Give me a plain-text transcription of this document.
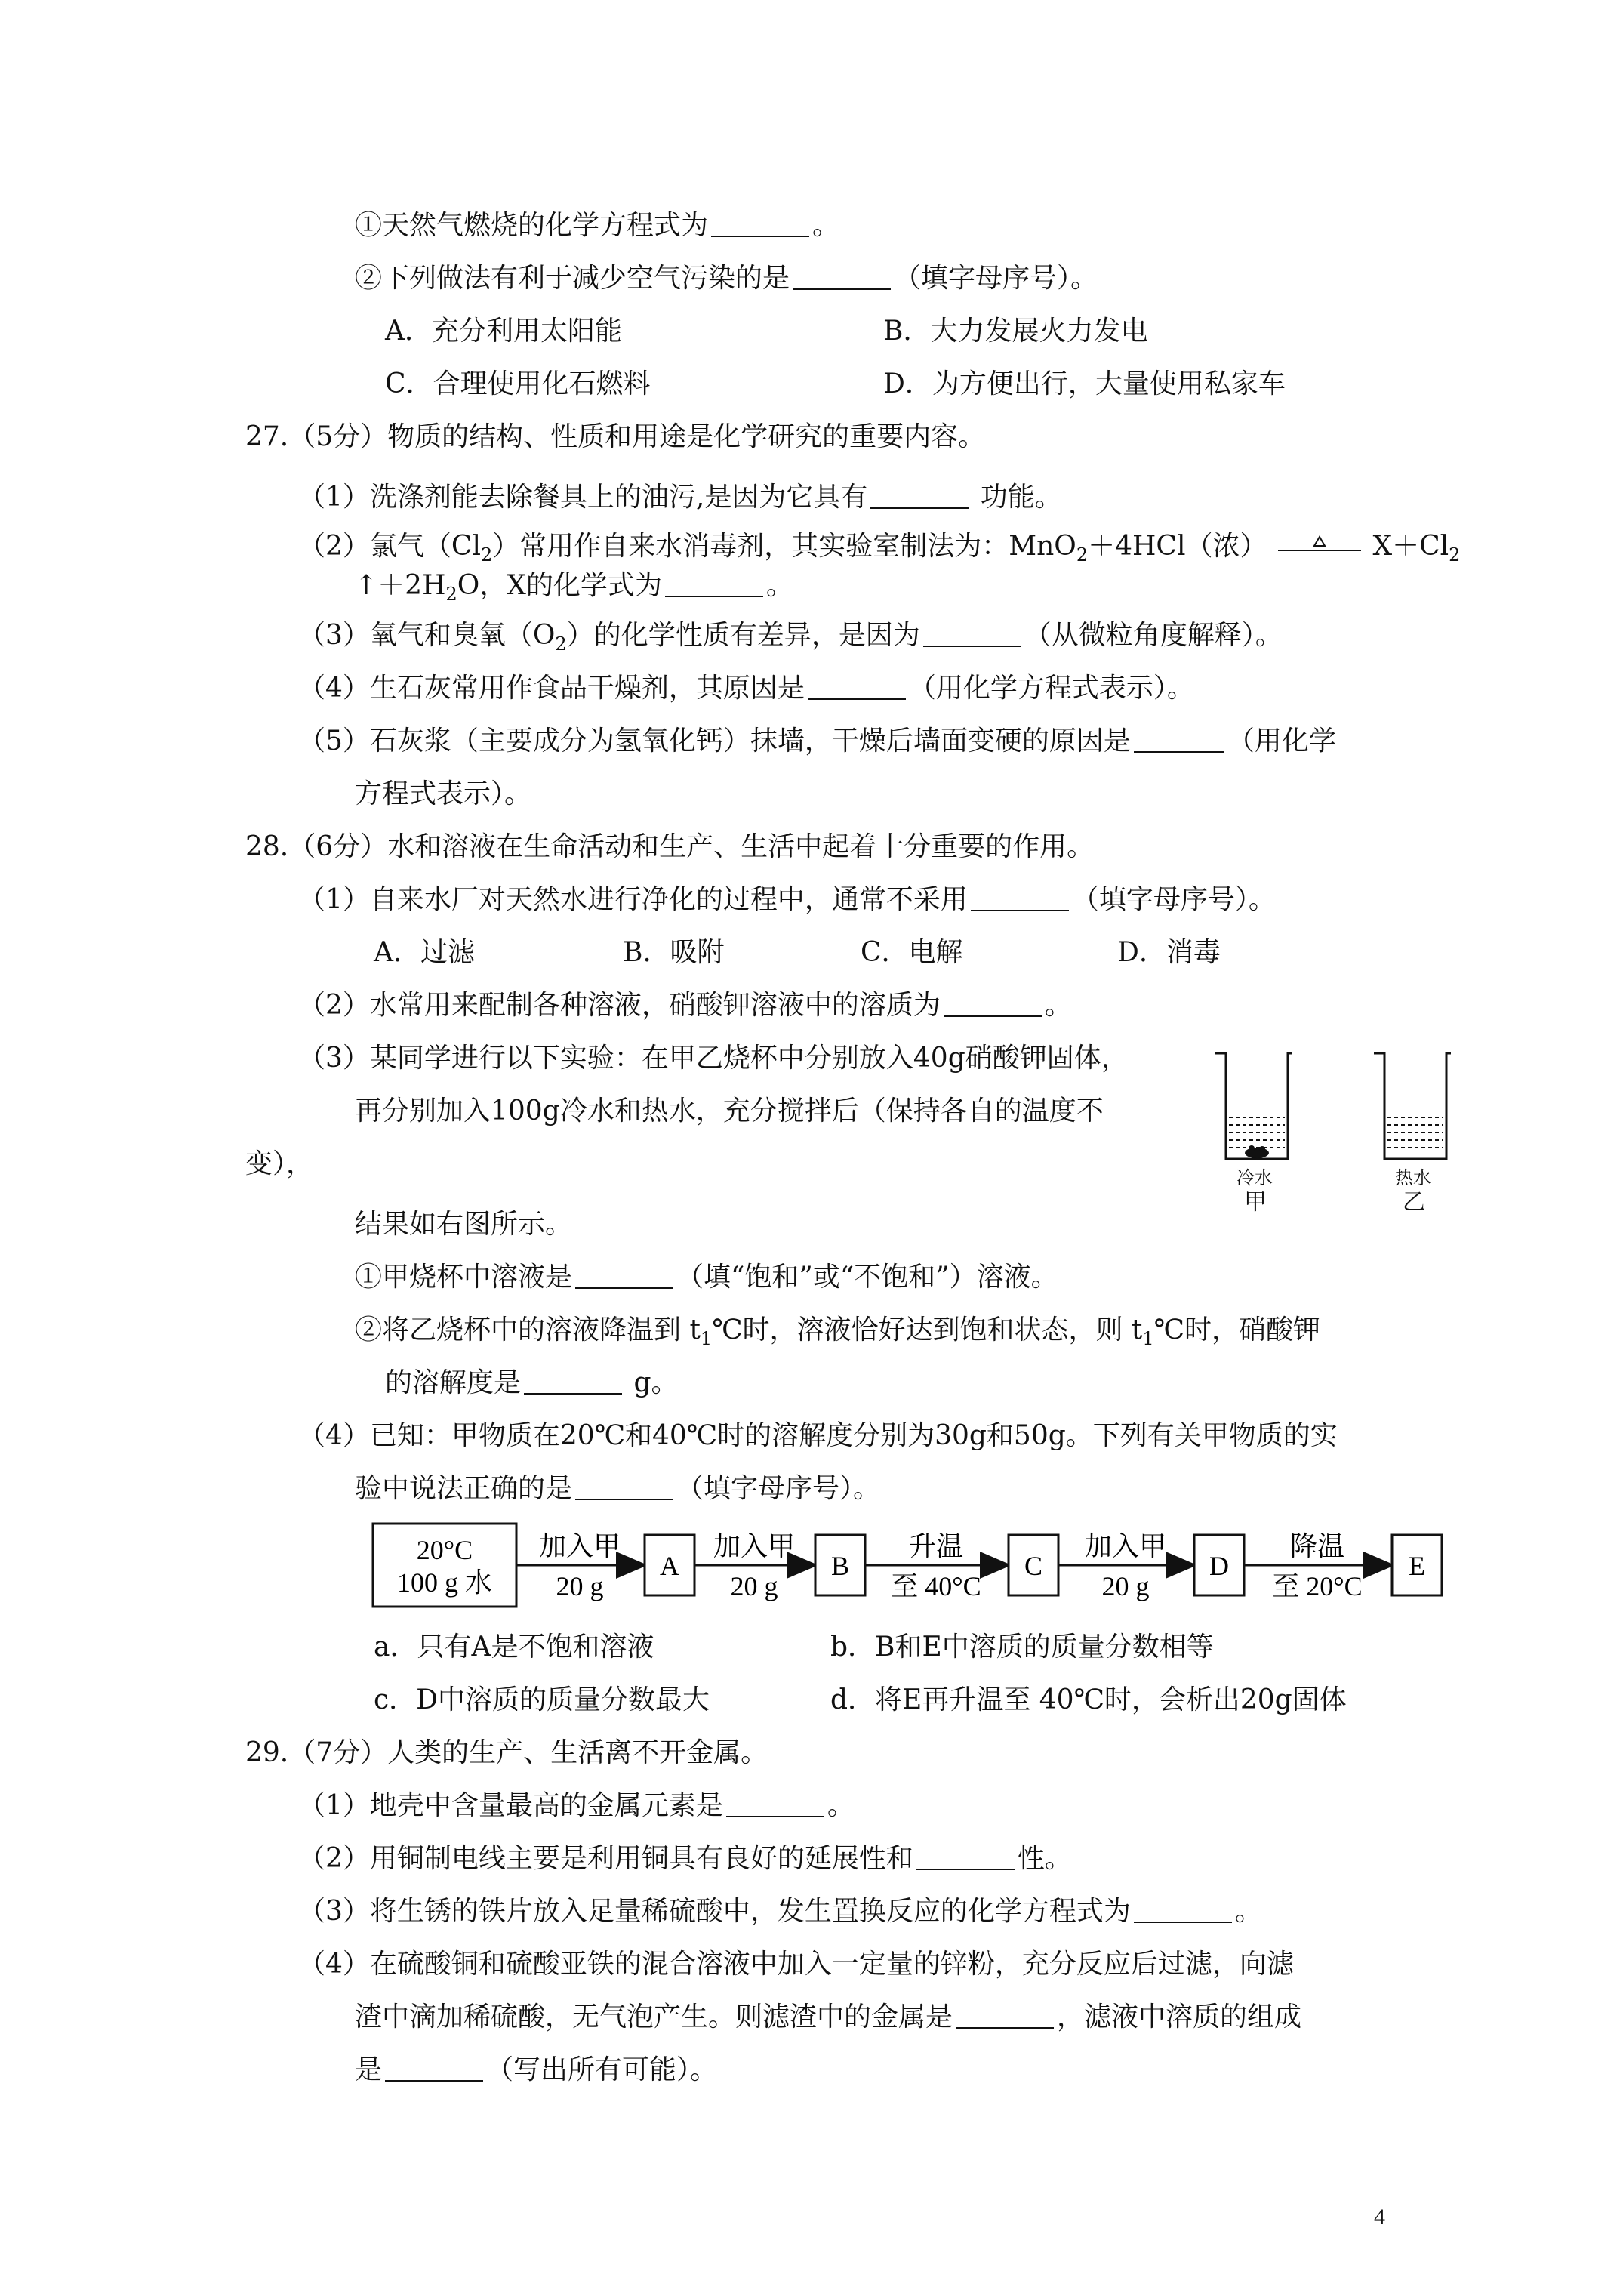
①天然气燃烧的化学方程式为	。
②下列做法有利于减少空气污染的是	（填字母序号）。
A．充分利用太阳能	B．大力发展火力发电
C．合理使用化石燃料	D．为方便出行，大量使用私家车
27.（5分）物质的结构、性质和用途是化学研究的重要内容。
（1）洗涤剂能去除餐具上的油污,是因为它具有	功能。
（2）氯气$(Cl_2)$常用作自来水消毒剂，其实验室制法为：MnO$_2$＋4HCl（浓）	$X+Cl_2$
$↑+2H_2O$，X的化学式为	。
（3）氧气和臭氧$(O_2)$的化学性质有差异，是因为	（从微粒角度解释）。
（4）生石灰常用作食品干燥剂，其原因是	（用化学方程式表示）。
（5）石灰浆（主要成分为氢氧化钙）抹墙，干燥后墙面变硬的原因是	（用化学
方程式表示）。
28.（6分）水和溶液在生命活动和生产、生活中起着十分重要的作用。
（1）自来水厂对天然水进行净化的过程中，通常不采用	（填字母序号）。
A．过滤	B．吸附	C．电解	D．消毒
（2）水常用来配制各种溶液，硝酸钾溶液中的溶质为	。
（3）某同学进行以下实验：在甲乙烧杯中分别放入40g硝酸钾固体，
再分别加入100g冷水和热水，充分搅拌后（保持各自的温度不
变），
结果如右图所示。
冷水
甲
热水
乙
①甲烧杯中溶液是	（填“饱和”或“不饱和”）溶液。
②将乙烧杯中的溶液降温到 $t_1℃$时，溶液恰好达到饱和状态，则 $t_1℃$时，硝酸钾
的溶解度是	g。
（4）已知：甲物质在20℃和40℃时的溶解度分别为30g和50g。下列有关甲物质的实
验中说法正确的是	（填字母序号）。
20°C
100 g 水
加入甲
20 g
A
加入甲
20 g
B
升温
至 40°C
C
加入甲
20 g
D
降温
至 20°C
E
a．只有A是不饱和溶液	b．B和E中溶质的质量分数相等
c．D中溶质的质量分数最大	d．将E再升温至 40℃时，会析出20g固体
29.（7分）人类的生产、生活离不开金属。
（1）地壳中含量最高的金属元素是	。
（2）用铜制电线主要是利用铜具有良好的延展性和	性。
（3）将生锈的铁片放入足量稀硫酸中，发生置换反应的化学方程式为	。
（4）在硫酸铜和硫酸亚铁的混合溶液中加入一定量的锌粉，充分反应后过滤，向滤
渣中滴加稀硫酸，无气泡产生。则滤渣中的金属是	，滤液中溶质的组成
是	（写出所有可能）。
4
